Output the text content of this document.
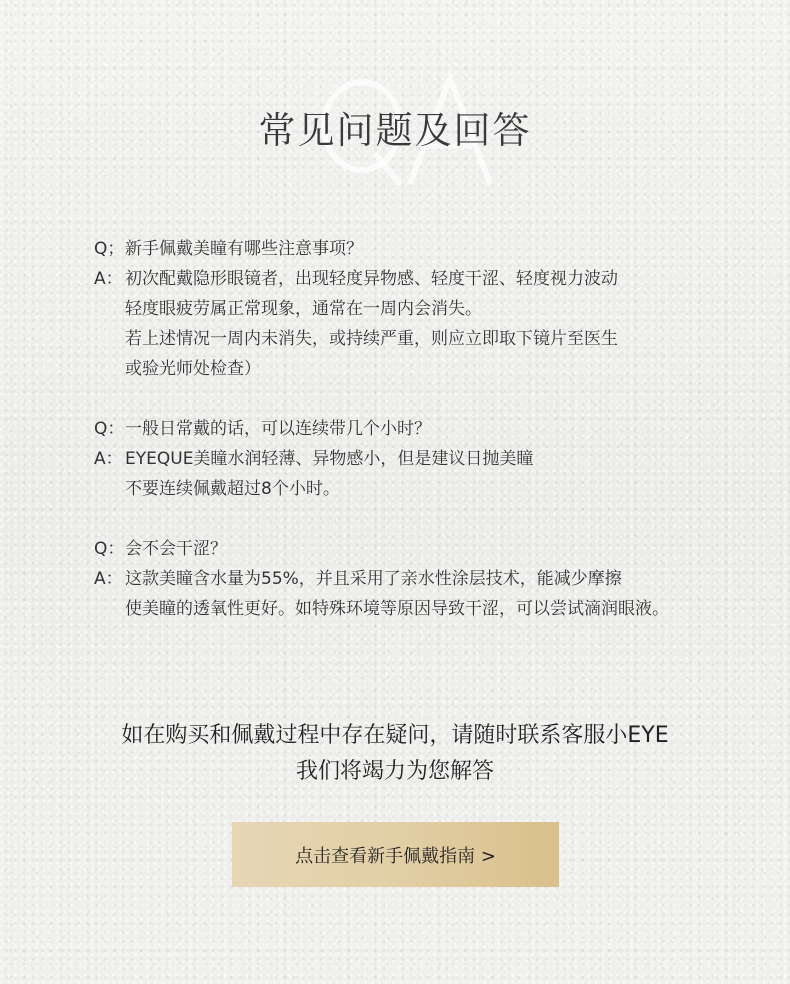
常见问题及回答
Q；新手佩戴美瞳有哪些注意事项？
A： 初次配戴隐形眼镜者，出现轻度异物感、轻度干涩、轻度视力波动
轻度眼疲劳属正常现象，通常在一周内会消失。
若上述情况一周内未消失，或持续严重，则应立即取下镜片至医生
或验光师处检查）
Q：一般日常戴的话，可以连续带几个小时？
A： EYEQUE美瞳水润轻薄、异物感小，但是建议日抛美瞳
不要连续佩戴超过8个小时。
Q：会不会干涩？
A： 这款美瞳含水量为55%，并且采用了亲水性涂层技术，能减少摩擦
使美瞳的透氧性更好。如特殊环境等原因导致干涩，可以尝试滴润眼液。
如在购买和佩戴过程中存在疑问，请随时联系客服小EYE
我们将竭力为您解答
点击查看新手佩戴指南 >
